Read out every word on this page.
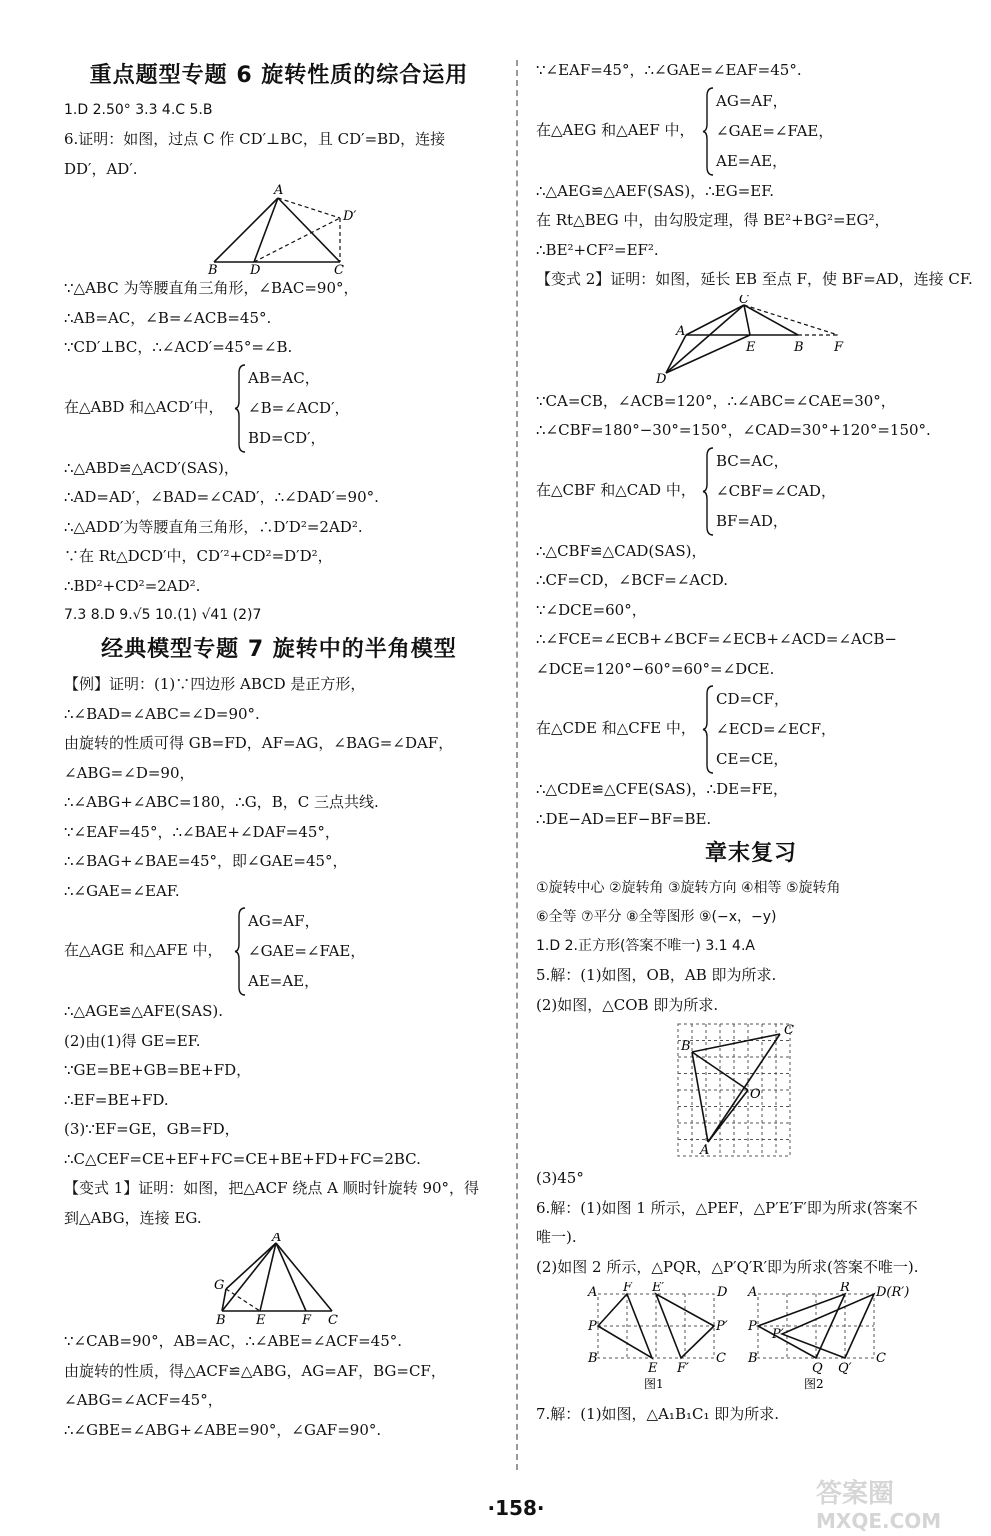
重点题型专题 6 旋转性质的综合运用
1.D 2.50° 3.3 4.C 5.B
6.证明：如图，过点 C 作 CD′⊥BC，且 CD′=BD，连接
DD′，AD′.
A
B D	C
D′
∵△ABC 为等腰直角三角形，∠BAC=90°，
∴AB=AC，∠B=∠ACB=45°.
∵CD′⊥BC，∴∠ACD′=45°=∠B.
在△ABD 和△ACD′中，
AB=AC，
∠B=∠ACD′，
BD=CD′，
∴△ABD≌△ACD′(SAS)，
∴AD=AD′，∠BAD=∠CAD′，∴∠DAD′=90°.
∴△ADD′为等腰直角三角形，∴D′D²=2AD².
∵在 Rt△DCD′中，CD′²+CD²=D′D²，
∴BD²+CD²=2AD².
7.3 8.D 9.√5 10.(1) √41 (2)7
经典模型专题 7 旋转中的半角模型
【例】证明：(1)∵四边形 ABCD 是正方形，
∴∠BAD=∠ABC=∠D=90°.
由旋转的性质可得 GB=FD，AF=AG，∠BAG=∠DAF，
∠ABG=∠D=90，
∴∠ABG+∠ABC=180，∴G，B，C 三点共线.
∵∠EAF=45°，∴∠BAE+∠DAF=45°，
∴∠BAG+∠BAE=45°，即∠GAE=45°，
∴∠GAE=∠EAF.
在△AGE 和△AFE 中，
AG=AF，
∠GAE=∠FAE，
AE=AE，
∴△AGE≌△AFE(SAS).
(2)由(1)得 GE=EF.
∵GE=BE+GB=BE+FD，
∴EF=BE+FD.
(3)∵EF=GE，GB=FD，
∴C△CEF=CE+EF+FC=CE+BE+FD+FC=2BC.
【变式 1】证明：如图，把△ACF 绕点 A 顺时针旋转 90°，得
到△ABG，连接 EG.
A
G
B E	F C
∵∠CAB=90°，AB=AC，∴∠ABE=∠ACF=45°.
由旋转的性质，得△ACF≌△ABG，AG=AF，BG=CF，
∠ABG=∠ACF=45°，
∴∠GBE=∠ABG+∠ABE=90°，∠GAF=90°.
∵∠EAF=45°，∴∠GAE=∠EAF=45°.
在△AEG 和△AEF 中，
AG=AF，
∠GAE=∠FAE，
AE=AE，
∴△AEG≌△AEF(SAS)，∴EG=EF.
在 Rt△BEG 中，由勾股定理，得 BE²+BG²=EG²，
∴BE²+CF²=EF².
【变式 2】证明：如图，延长 EB 至点 F，使 BF=AD，连接 CF.
C
A
E	B F
D
∵CA=CB，∠ACB=120°，∴∠ABC=∠CAE=30°，
∴∠CBF=180°−30°=150°，∠CAD=30°+120°=150°.
在△CBF 和△CAD 中，
BC=AC，
∠CBF=∠CAD，
BF=AD，
∴△CBF≌△CAD(SAS)，
∴CF=CD，∠BCF=∠ACD.
∵∠DCE=60°，
∴∠FCE=∠ECB+∠BCF=∠ECB+∠ACD=∠ACB−
∠DCE=120°−60°=60°=∠DCE.
在△CDE 和△CFE 中，
CD=CF，
∠ECD=∠ECF，
CE=CE，
∴△CDE≌△CFE(SAS)，∴DE=FE，
∴DE−AD=EF−BF=BE.
章末复习
①旋转中心 ②旋转角 ③旋转方向 ④相等 ⑤旋转角
⑥全等 ⑦平分 ⑧全等图形 ⑨(−x，−y)
1.D 2.正方形(答案不唯一) 3.1 4.A
5.解：(1)如图，OB，AB 即为所求.
(2)如图，△COB 即为所求.
C
B
O
A
(3)45°
6.解：(1)如图 1 所示，△PEF，△P′E′F′即为所求(答案不
唯一).
(2)如图 2 所示，△PQR，△P′Q′R′即为所求(答案不唯一).
A F E′	D
P	P′
B
E F′
C
图1
A	R D(R′)
P
P′
B
Q Q′
C
图2
7.解：(1)如图，△A₁B₁C₁ 即为所求.
·158·	答案圈
MXQE.COM
